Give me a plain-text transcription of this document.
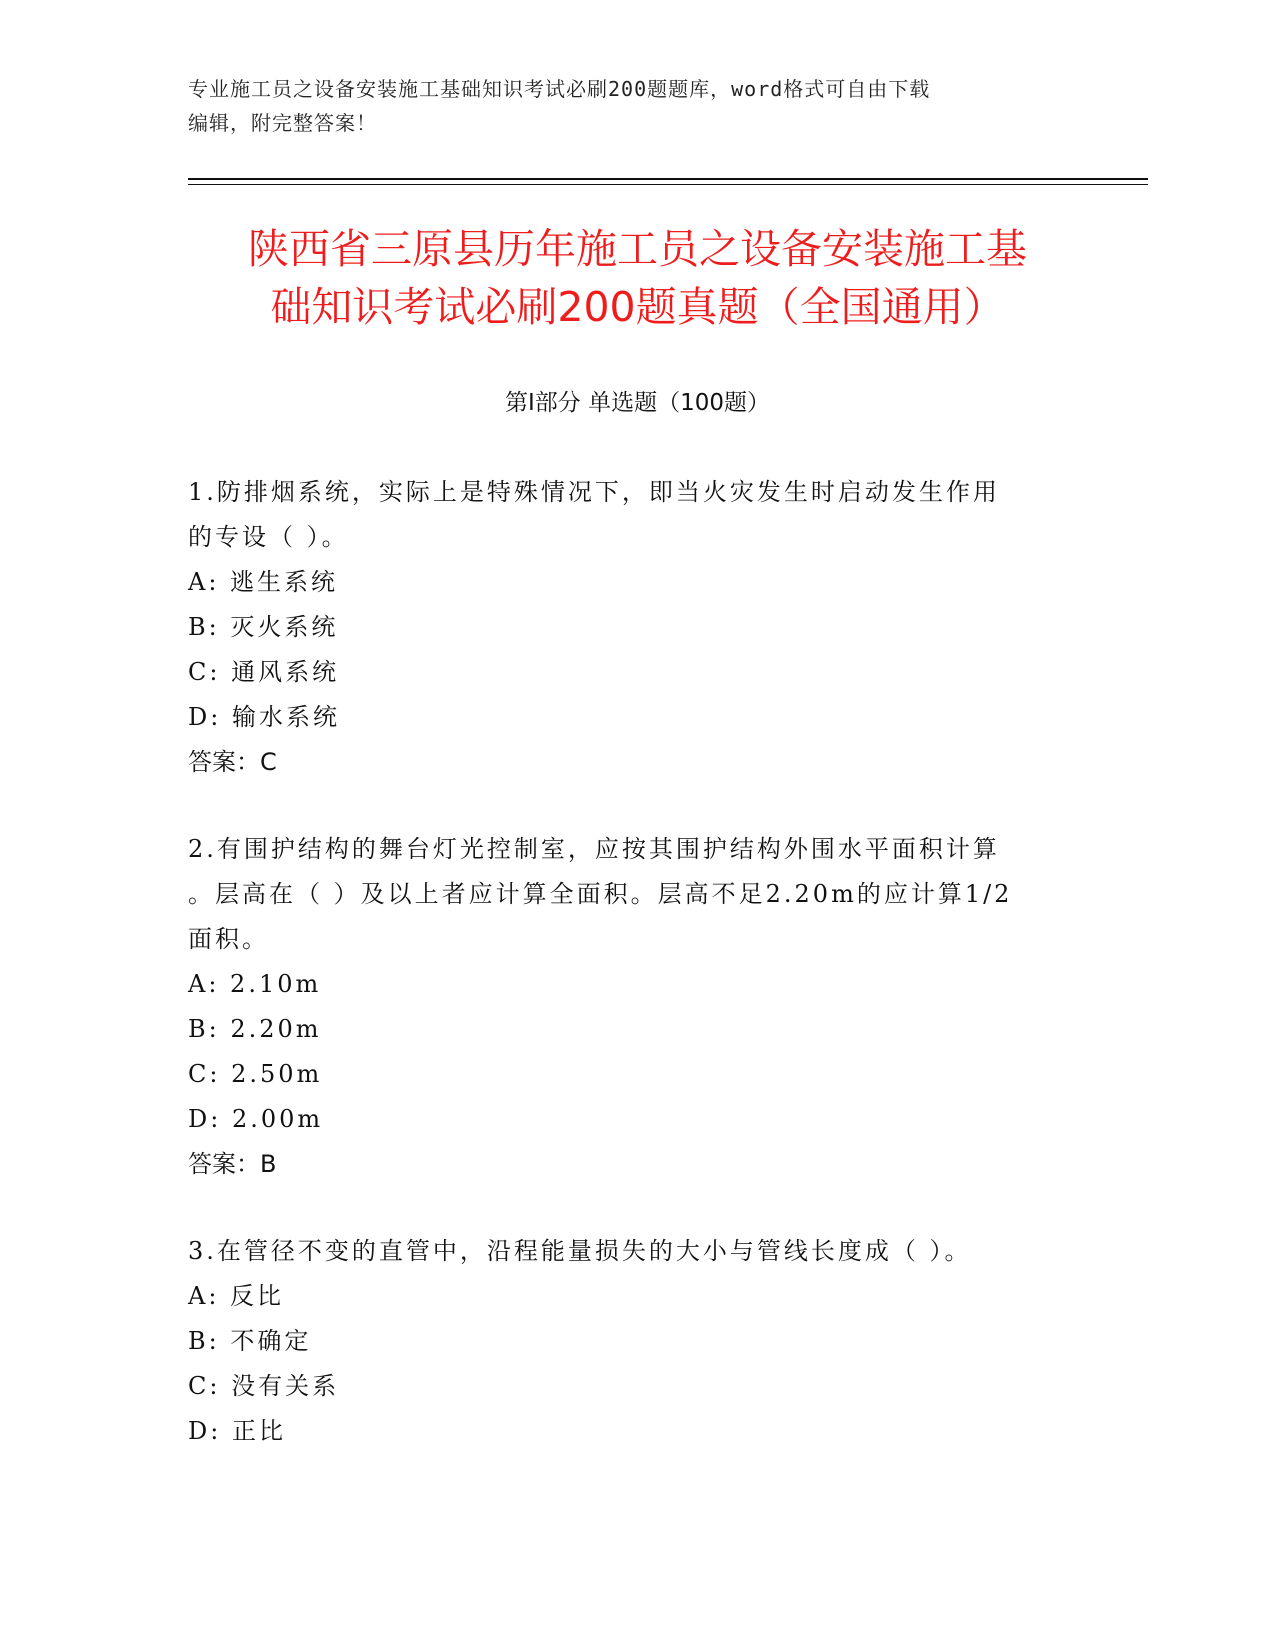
专业施工员之设备安装施工基础知识考试必刷200题题库，word格式可自由下载
编辑，附完整答案！
陕西省三原县历年施工员之设备安装施工基
础知识考试必刷200题真题（全国通用）
第Ⅰ部分 单选题（100题）
1.防排烟系统，实际上是特殊情况下，即当火灾发生时启动发生作用
的专设（ ）。
A: 逃生系统
B: 灭火系统
C: 通风系统
D: 输水系统
答案：C
2.有围护结构的舞台灯光控制室，应按其围护结构外围水平面积计算
。层高在（ ）及以上者应计算全面积。层高不足2.20m的应计算1/2
面积。
A: 2.10m
B: 2.20m
C: 2.50m
D: 2.00m
答案：B
3.在管径不变的直管中，沿程能量损失的大小与管线长度成（ ）。
A: 反比
B: 不确定
C: 没有关系
D: 正比
